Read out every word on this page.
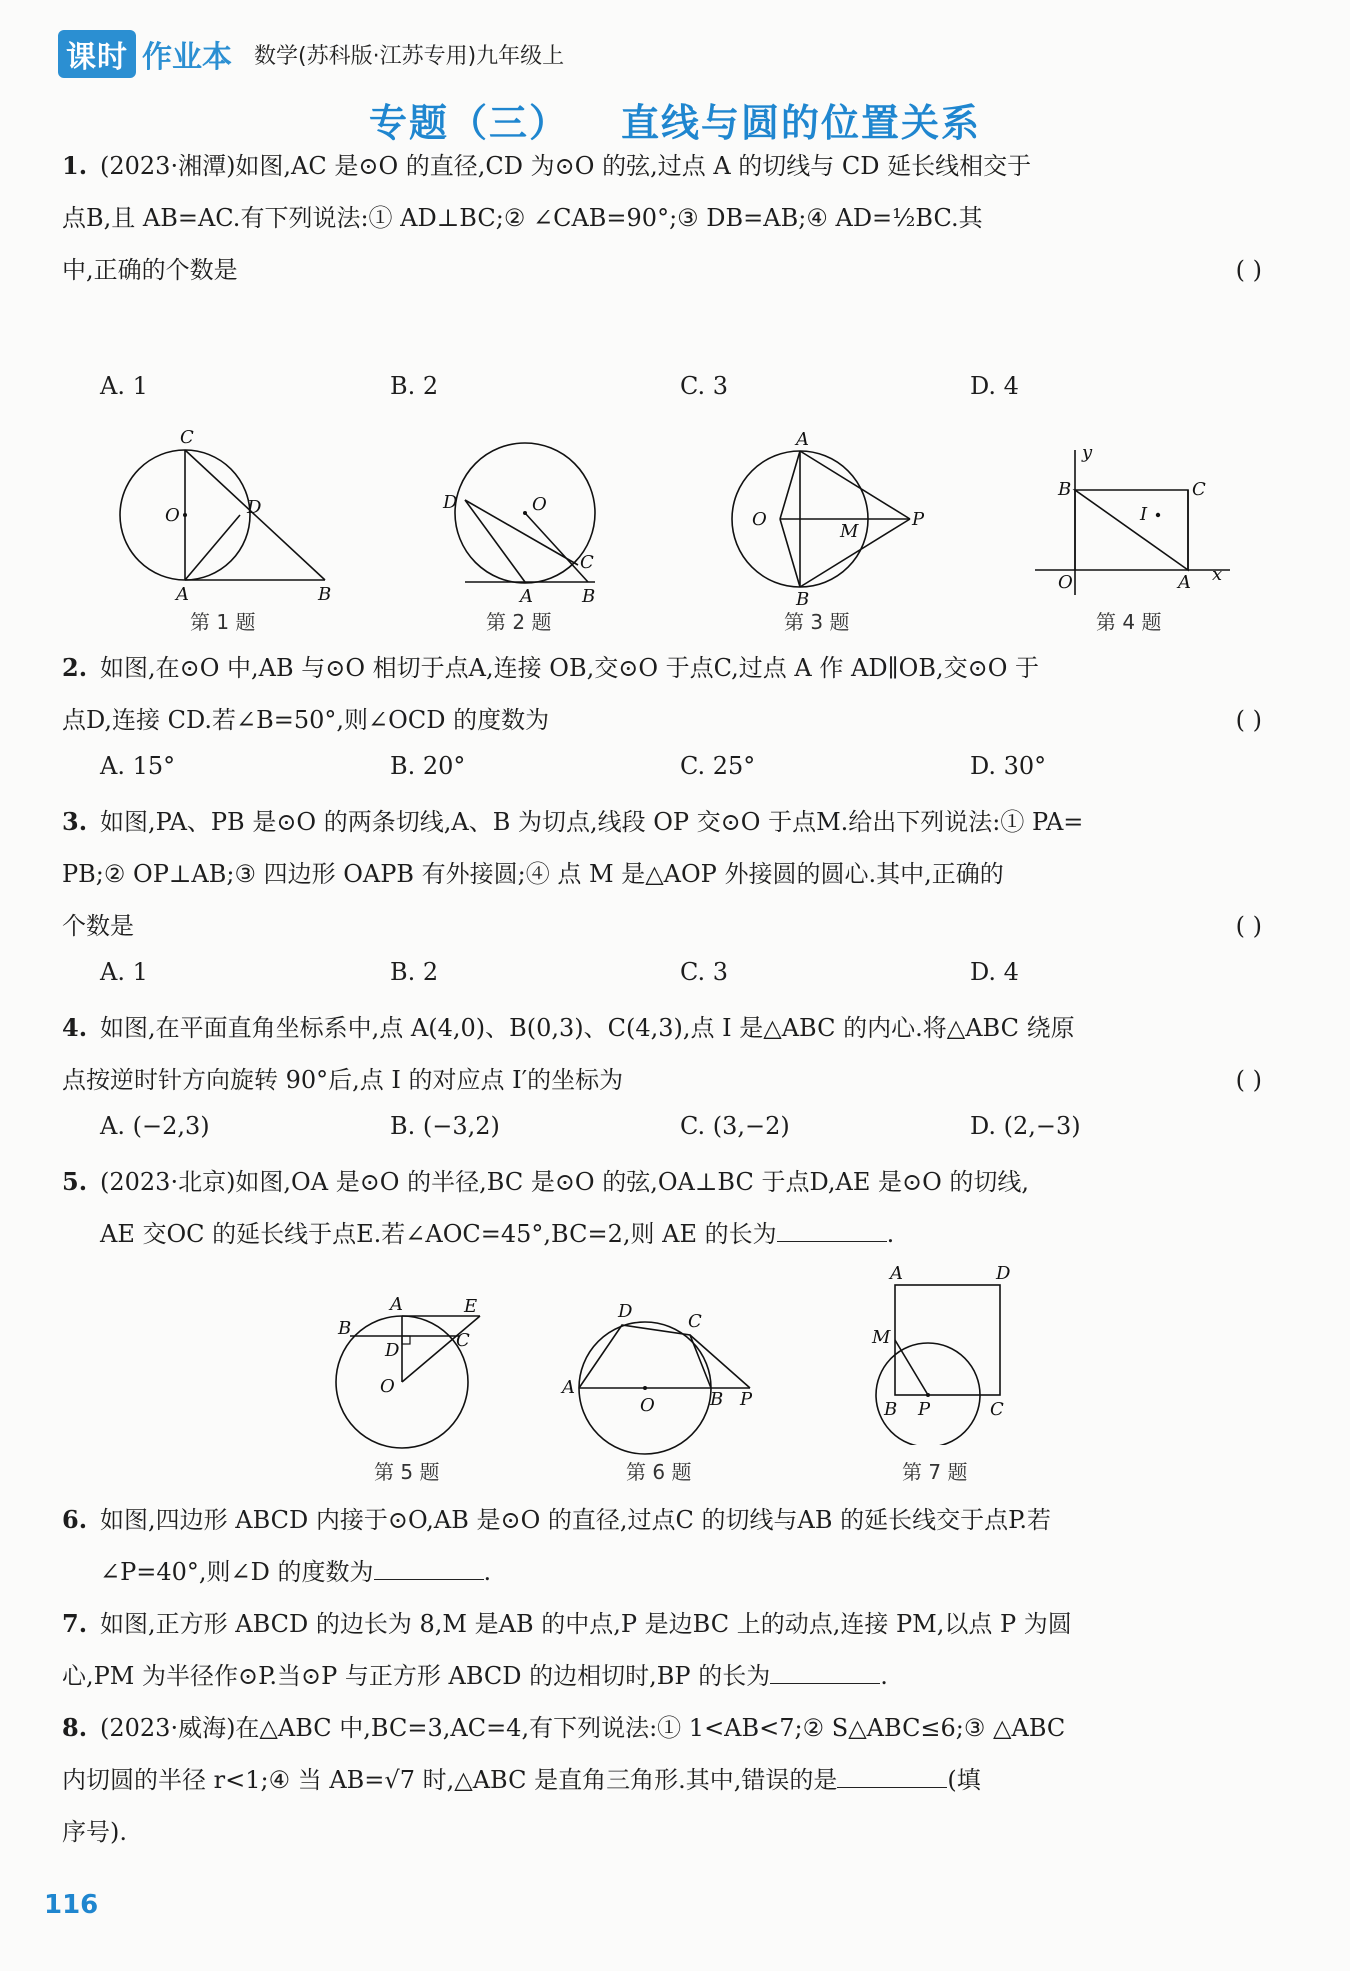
课时 作业本 数学(苏科版·江苏专用)九年级上
专题（三） 直线与圆的位置关系
1. (2023·湘潭)如图,AC 是⊙O 的直径,CD 为⊙O 的弦,过点 A 的切线与 CD 延长线相交于
点B,且 AB=AC.有下列说法:① AD⊥BC;② ∠CAB=90°;③ DB=AB;④ AD=½BC.其
中,正确的个数是	( )
A. 1	B. 2	C. 3	D. 4
C
O	D
A	B
第 1 题
D	O
C
A	B
第 2 题
A
O
M
P
B
第 3 题
y
B	C
I
O	A x
第 4 题
2. 如图,在⊙O 中,AB 与⊙O 相切于点A,连接 OB,交⊙O 于点C,过点 A 作 AD∥OB,交⊙O 于
点D,连接 CD.若∠B=50°,则∠OCD 的度数为	( )
A. 15°	B. 20°	C. 25°	D. 30°
3. 如图,PA、PB 是⊙O 的两条切线,A、B 为切点,线段 OP 交⊙O 于点M.给出下列说法:① PA=
PB;② OP⊥AB;③ 四边形 OAPB 有外接圆;④ 点 M 是△AOP 外接圆的圆心.其中,正确的
个数是	( )
A. 1	B. 2	C. 3	D. 4
4. 如图,在平面直角坐标系中,点 A(4,0)、B(0,3)、C(4,3),点 I 是△ABC 的内心.将△ABC 绕原
点按逆时针方向旋转 90°后,点 I 的对应点 I′的坐标为	( )
A. (−2,3)	B. (−3,2)	C. (3,−2)	D. (2,−3)
5. (2023·北京)如图,OA 是⊙O 的半径,BC 是⊙O 的弦,OA⊥BC 于点D,AE 是⊙O 的切线,
AE 交OC 的延长线于点E.若∠AOC=45°,BC=2,则 AE 的长为	.
A	E
B
C
D
O
第 5 题
D	C
A
O	B P
第 6 题
A	D
M
B P	C
第 7 题
6. 如图,四边形 ABCD 内接于⊙O,AB 是⊙O 的直径,过点C 的切线与AB 的延长线交于点P.若
∠P=40°,则∠D 的度数为	.
7. 如图,正方形 ABCD 的边长为 8,M 是AB 的中点,P 是边BC 上的动点,连接 PM,以点 P 为圆
心,PM 为半径作⊙P.当⊙P 与正方形 ABCD 的边相切时,BP 的长为	.
8. (2023·威海)在△ABC 中,BC=3,AC=4,有下列说法:① 1<AB<7;② S△ABC≤6;③ △ABC
内切圆的半径 r<1;④ 当 AB=√7 时,△ABC 是直角三角形.其中,错误的是	(填
序号).
116
